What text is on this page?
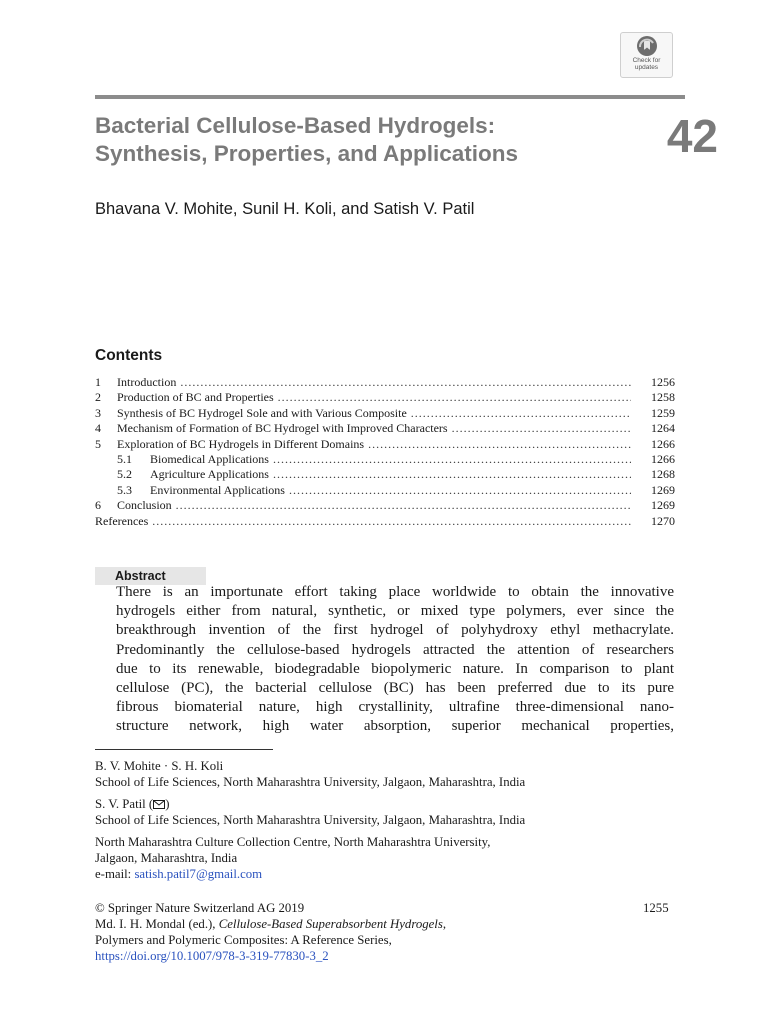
Check for
updates
Bacterial Cellulose-Based Hydrogels:
Synthesis, Properties, and Applications	42
Bhavana V. Mohite, Sunil H. Koli, and Satish V. Patil
Contents
1	Introduction . . .	1256
2	Production of BC and Properties . . .	1258
3	Synthesis of BC Hydrogel Sole and with Various Composite . . .	1259
4	Mechanism of Formation of BC Hydrogel with Improved Characters . . .	1264
5	Exploration of BC Hydrogels in Different Domains . . .	1266
5.1	Biomedical Applications . . .	1266
5.2	Agriculture Applications . . .	1268
5.3	Environmental Applications . . .	1269
6	Conclusion . . .	1269
References . . .	1270
Abstract
There is an importunate effort taking place worldwide to obtain the innovative
hydrogels either from natural, synthetic, or mixed type polymers, ever since the
breakthrough invention of the first hydrogel of polyhydroxy ethyl methacrylate.
Predominantly the cellulose-based hydrogels attracted the attention of researchers
due to its renewable, biodegradable biopolymeric nature. In comparison to plant
cellulose (PC), the bacterial cellulose (BC) has been preferred due to its pure
fibrous biomaterial nature, high crystallinity, ultrafine three-dimensional nano-
structure network, high water absorption, superior mechanical properties,
B. V. Mohite · S. H. Koli
School of Life Sciences, North Maharashtra University, Jalgaon, Maharashtra, India
S. V. Patil ( )
School of Life Sciences, North Maharashtra University, Jalgaon, Maharashtra, India
North Maharashtra Culture Collection Centre, North Maharashtra University,
Jalgaon, Maharashtra, India
e-mail: satish.patil7@gmail.com
© Springer Nature Switzerland AG 2019
Md. I. H. Mondal (ed.), Cellulose-Based Superabsorbent Hydrogels,
Polymers and Polymeric Composites: A Reference Series,
https://doi.org/10.1007/978-3-319-77830-3_2
1255
